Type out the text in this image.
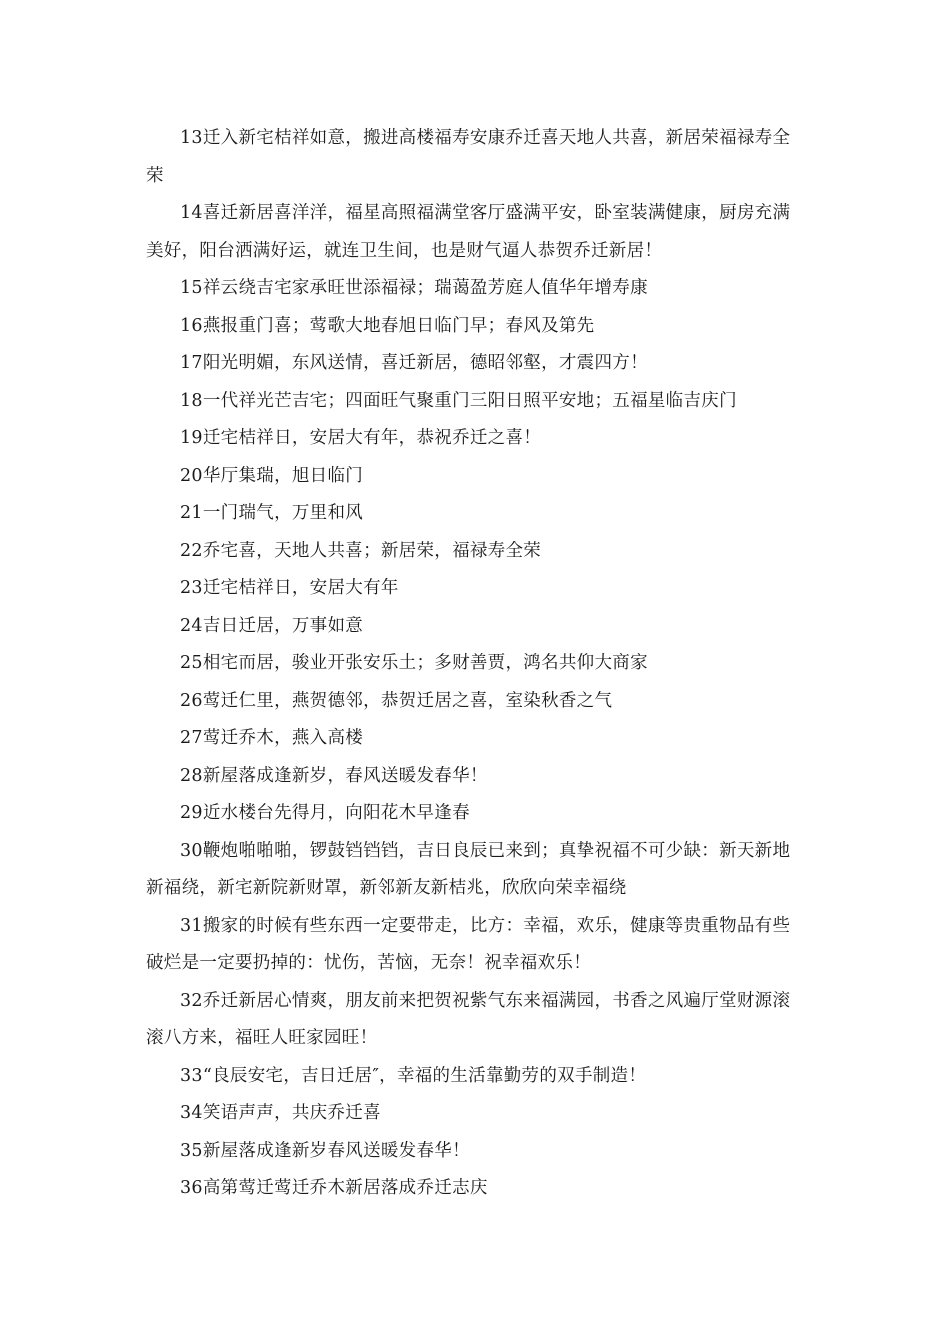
13迁入新宅桔祥如意，搬进高楼福寿安康乔迁喜天地人共喜，新居荣福禄寿全荣

14喜迁新居喜洋洋，福星高照福满堂客厅盛满平安，卧室装满健康，厨房充满美好，阳台洒满好运，就连卫生间，也是财气逼人恭贺乔迁新居！

15祥云绕吉宅家承旺世添福禄；瑞蔼盈芳庭人值华年增寿康

16燕报重门喜；莺歌大地春旭日临门早；春风及第先

17阳光明媚，东风送情，喜迁新居，德昭邻壑，才震四方！

18一代祥光芒吉宅；四面旺气聚重门三阳日照平安地；五福星临吉庆门

19迁宅桔祥日，安居大有年，恭祝乔迁之喜！

20华厅集瑞，旭日临门

21一门瑞气，万里和风

22乔宅喜，天地人共喜；新居荣，福禄寿全荣

23迁宅桔祥日，安居大有年

24吉日迁居，万事如意

25相宅而居，骏业开张安乐土；多财善贾，鸿名共仰大商家

26莺迁仁里，燕贺德邻，恭贺迁居之喜，室染秋香之气

27莺迁乔木，燕入高楼

28新屋落成逢新岁，春风送暖发春华！

29近水楼台先得月，向阳花木早逢春

30鞭炮啪啪啪，锣鼓铛铛铛，吉日良辰已来到；真挚祝福不可少缺：新天新地新福绕，新宅新院新财罩，新邻新友新桔兆，欣欣向荣幸福绕

31搬家的时候有些东西一定要带走，比方：幸福，欢乐，健康等贵重物品有些破烂是一定要扔掉的：忧伤，苦恼，无奈！祝幸福欢乐！

32乔迁新居心情爽，朋友前来把贺祝紫气东来福满园，书香之风遍厅堂财源滚滚八方来，福旺人旺家园旺！

33“良辰安宅，吉日迁居″，幸福的生活靠勤劳的双手制造！

34笑语声声，共庆乔迁喜

35新屋落成逢新岁春风送暖发春华！

36高第莺迁莺迁乔木新居落成乔迁志庆
